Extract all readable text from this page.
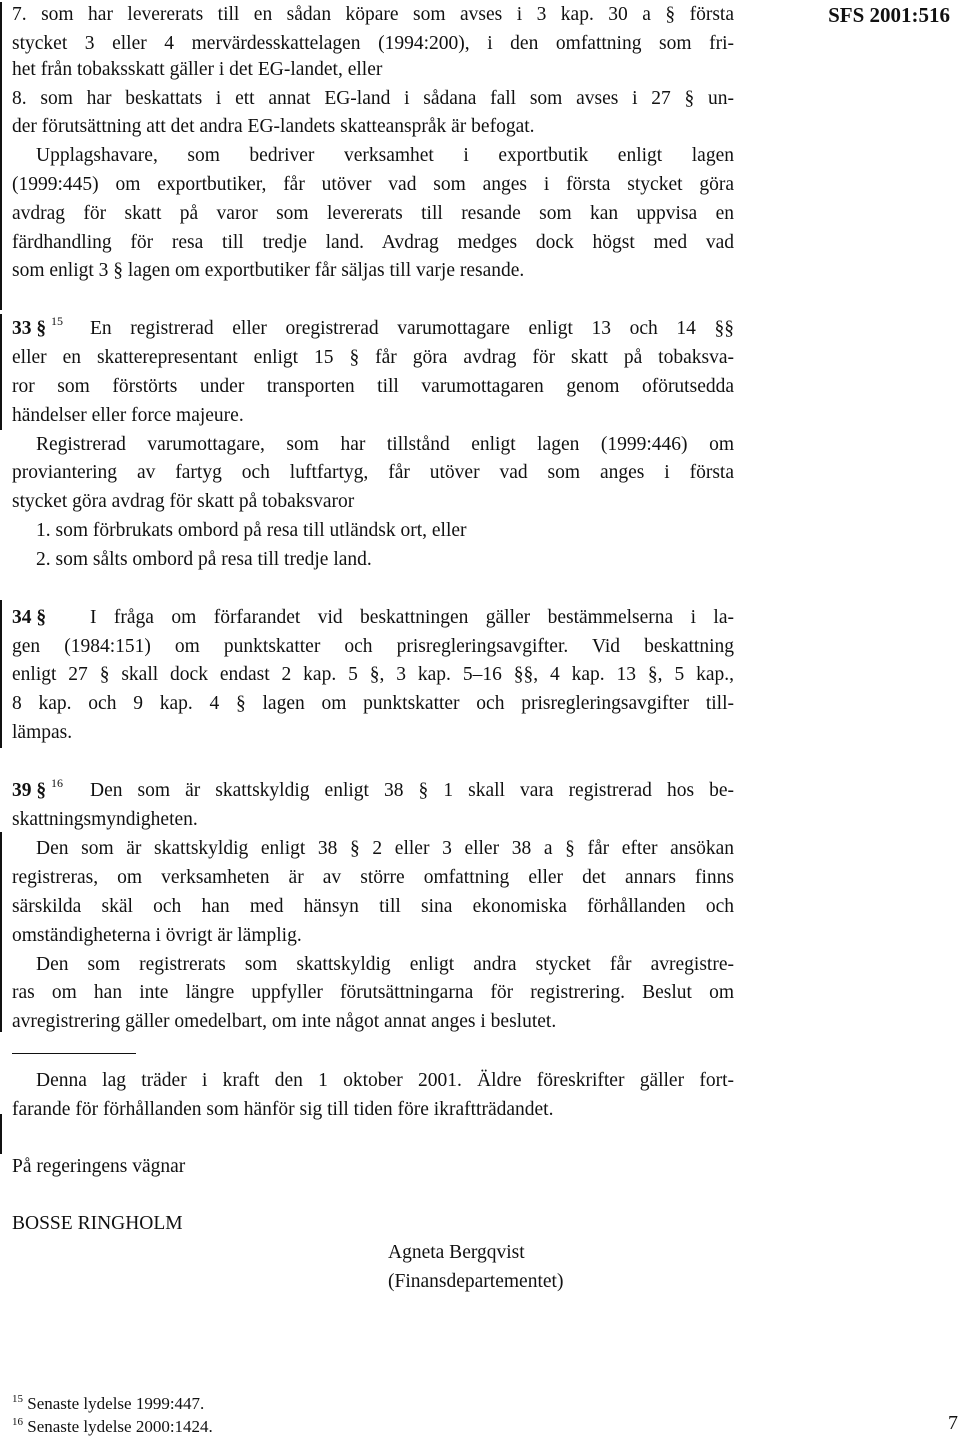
SFS 2001:516

7. som har levererats till en sådan köpare som avses i 3 kap. 30 a § första

stycket 3 eller 4 mervärdesskattelagen (1994:200), i den omfattning som fri-

het från tobaksskatt gäller i det EG-landet, eller

8. som har beskattats i ett annat EG-land i sådana fall som avses i 27 § un-

der förutsättning att det andra EG-landets skatteanspråk är befogat.

Upplagshavare, som bedriver verksamhet i exportbutik enligt lagen

(1999:445) om exportbutiker, får utöver vad som anges i första stycket göra

avdrag för skatt på varor som levererats till resande som kan uppvisa en

färdhandling för resa till tredje land. Avdrag medges dock högst med vad

som enligt 3 § lagen om exportbutiker får säljas till varje resande.

33 § $^{15}$ En registrerad eller oregistrerad varumottagare enligt 13 och 14 §§

eller en skatterepresentant enligt 15 § får göra avdrag för skatt på tobaksva-

ror som förstörts under transporten till varumottagaren genom oförutsedda

händelser eller force majeure.

Registrerad varumottagare, som har tillstånd enligt lagen (1999:446) om

proviantering av fartyg och luftfartyg, får utöver vad som anges i första

stycket göra avdrag för skatt på tobaksvaror

1. som förbrukats ombord på resa till utländsk ort, eller

2. som sålts ombord på resa till tredje land.

34 § I fråga om förfarandet vid beskattningen gäller bestämmelserna i la-

gen (1984:151) om punktskatter och prisregleringsavgifter. Vid beskattning

enligt 27 § skall dock endast 2 kap. 5 §, 3 kap. 5–16 §§, 4 kap. 13 §, 5 kap.,

8 kap. och 9 kap. 4 § lagen om punktskatter och prisregleringsavgifter till-

lämpas.

39 § $^{16}$ Den som är skattskyldig enligt 38 § 1 skall vara registrerad hos be-

skattningsmyndigheten.

Den som är skattskyldig enligt 38 § 2 eller 3 eller 38 a § får efter ansökan

registreras, om verksamheten är av större omfattning eller det annars finns

särskilda skäl och han med hänsyn till sina ekonomiska förhållanden och

omständigheterna i övrigt är lämplig.

Den som registrerats som skattskyldig enligt andra stycket får avregistre-

ras om han inte längre uppfyller förutsättningarna för registrering. Beslut om

avregistrering gäller omedelbart, om inte något annat anges i beslutet.

Denna lag träder i kraft den 1 oktober 2001. Äldre föreskrifter gäller fort-

farande för förhållanden som hänför sig till tiden före ikraftträdandet.

På regeringens vägnar

BOSSE RINGHOLM

Agneta Bergqvist

(Finansdepartementet)

$^{15}$ Senaste lydelse 1999:447.

$^{16}$ Senaste lydelse 2000:1424.	7
